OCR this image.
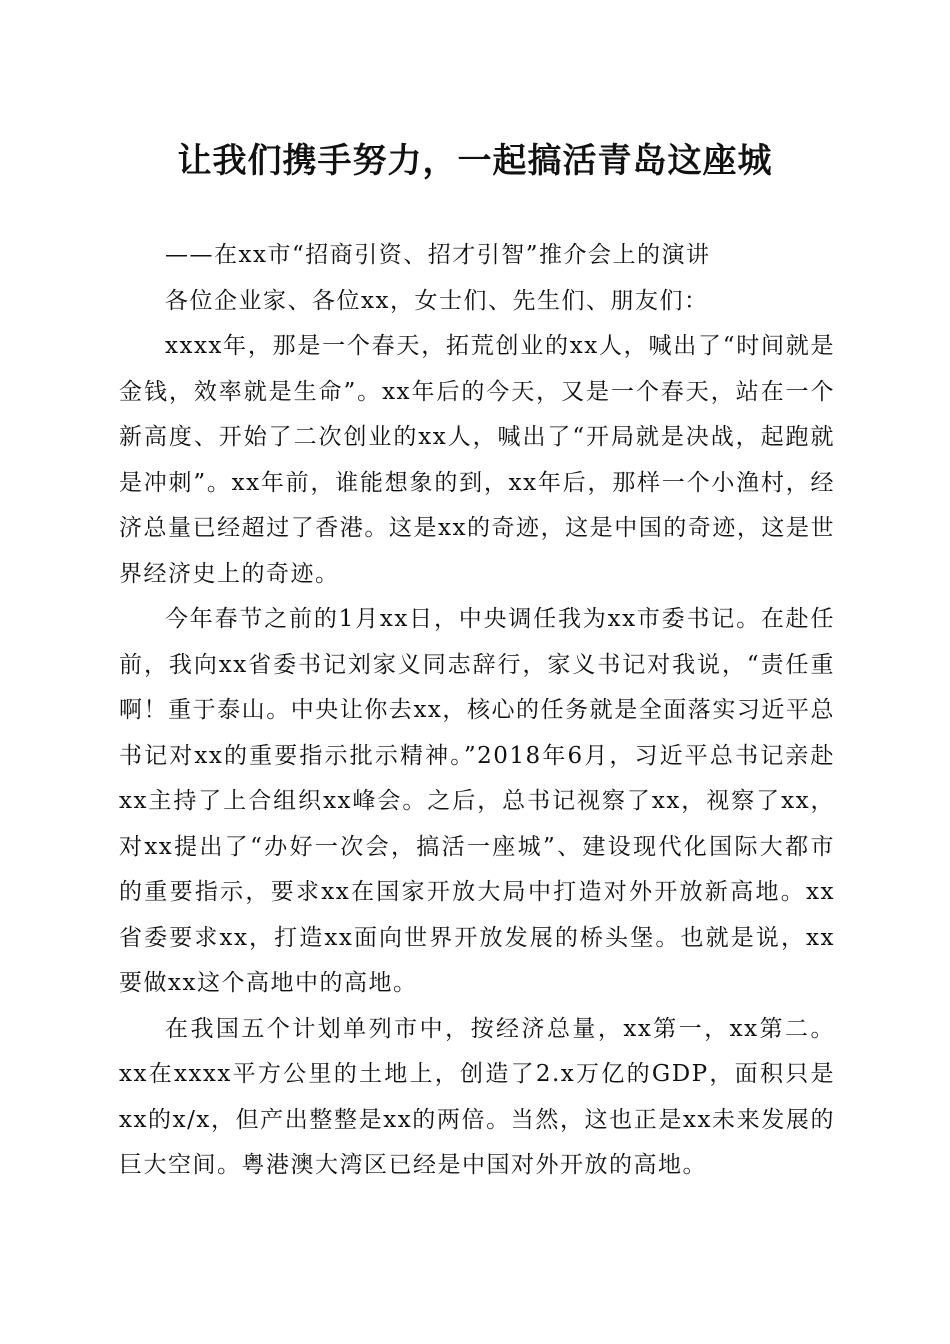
让我们携手努力，一起搞活青岛这座城

——在xx市“招商引资、招才引智”推介会上的演讲

各位企业家、各位xx，女士们、先生们、朋友们：

xxxx年，那是一个春天，拓荒创业的xx人，喊出了“时间就是金钱，效率就是生命”。xx年后的今天，又是一个春天，站在一个新高度、开始了二次创业的xx人，喊出了“开局就是决战，起跑就是冲刺”。xx年前，谁能想象的到，xx年后，那样一个小渔村，经济总量已经超过了香港。这是xx的奇迹，这是中国的奇迹，这是世界经济史上的奇迹。

今年春节之前的1月xx日，中央调任我为xx市委书记。在赴任前，我向xx省委书记刘家义同志辞行，家义书记对我说，“责任重啊！重于泰山。中央让你去xx，核心的任务就是全面落实习近平总书记对xx的重要指示批示精神。”2018年6月，习近平总书记亲赴xx主持了上合组织xx峰会。之后，总书记视察了xx，视察了xx，对xx提出了“办好一次会，搞活一座城”、建设现代化国际大都市的重要指示，要求xx在国家开放大局中打造对外开放新高地。xx省委要求xx，打造xx面向世界开放发展的桥头堡。也就是说，xx要做xx这个高地中的高地。

在我国五个计划单列市中，按经济总量，xx第一，xx第二。xx在xxxx平方公里的土地上，创造了2.x万亿的GDP，面积只是xx的x/x，但产出整整是xx的两倍。当然，这也正是xx未来发展的巨大空间。粤港澳大湾区已经是中国对外开放的高地。
